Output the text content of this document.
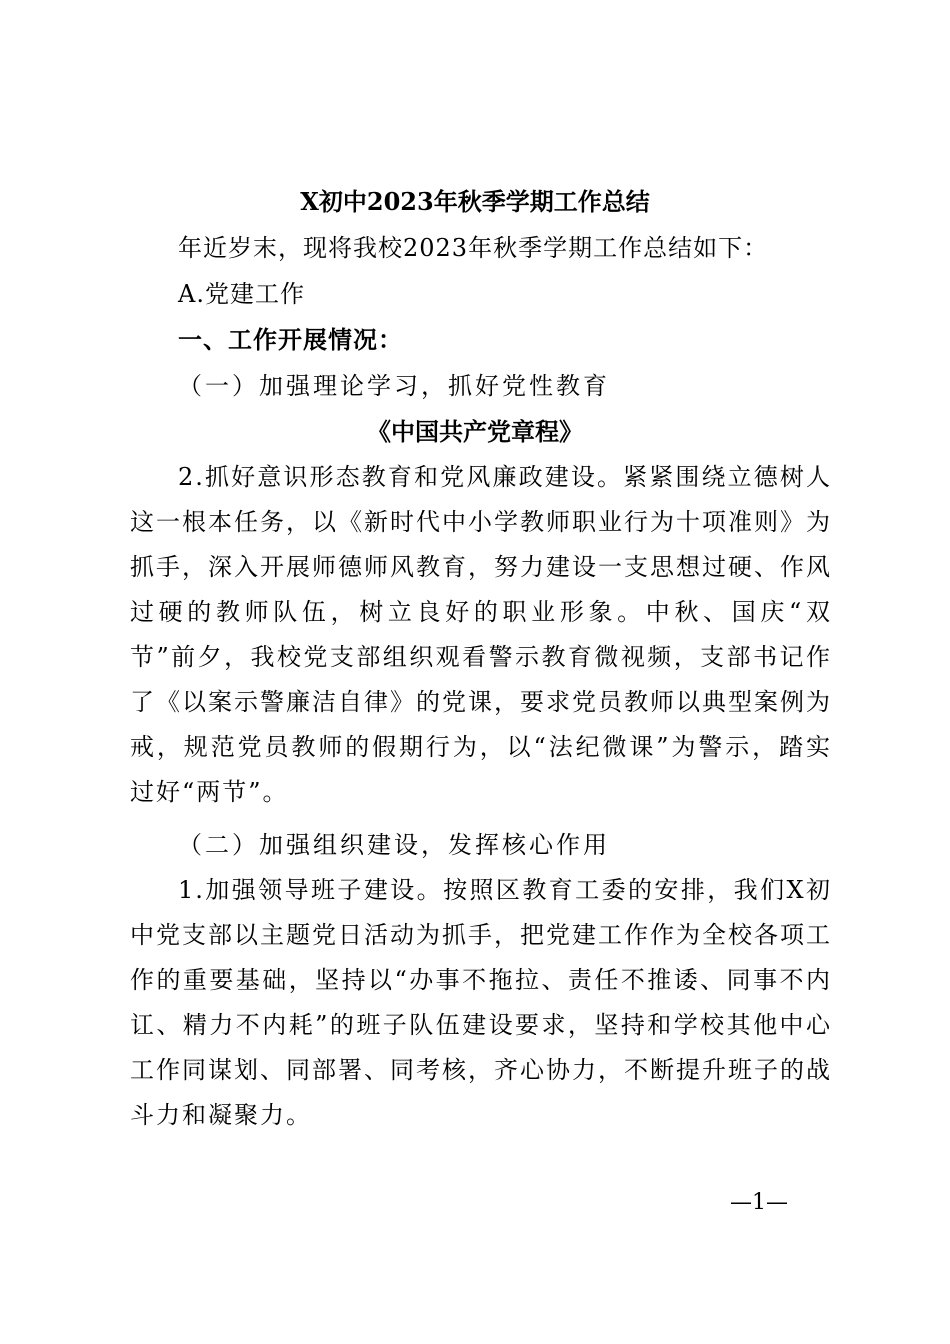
X初中2023年秋季学期工作总结
年近岁末，现将我校2023年秋季学期工作总结如下：
A.党建工作
一、工作开展情况：
（一）加强理论学习，抓好党性教育
《中国共产党章程》
2.抓好意识形态教育和党风廉政建设。紧紧围绕立德树人这一根本任务，以《新时代中小学教师职业行为十项准则》为抓手，深入开展师德师风教育，努力建设一支思想过硬、作风过硬的教师队伍，树立良好的职业形象。中秋、国庆“双节”前夕，我校党支部组织观看警示教育微视频，支部书记作了《以案示警廉洁自律》的党课，要求党员教师以典型案例为戒，规范党员教师的假期行为，以“法纪微课”为警示，踏实过好“两节”。
（二）加强组织建设，发挥核心作用
1.加强领导班子建设。按照区教育工委的安排，我们X初中党支部以主题党日活动为抓手，把党建工作作为全校各项工作的重要基础，坚持以“办事不拖拉、责任不推诿、同事不内讧、精力不内耗”的班子队伍建设要求，坚持和学校其他中心工作同谋划、同部署、同考核，齐心协力，不断提升班子的战斗力和凝聚力。
—1—
